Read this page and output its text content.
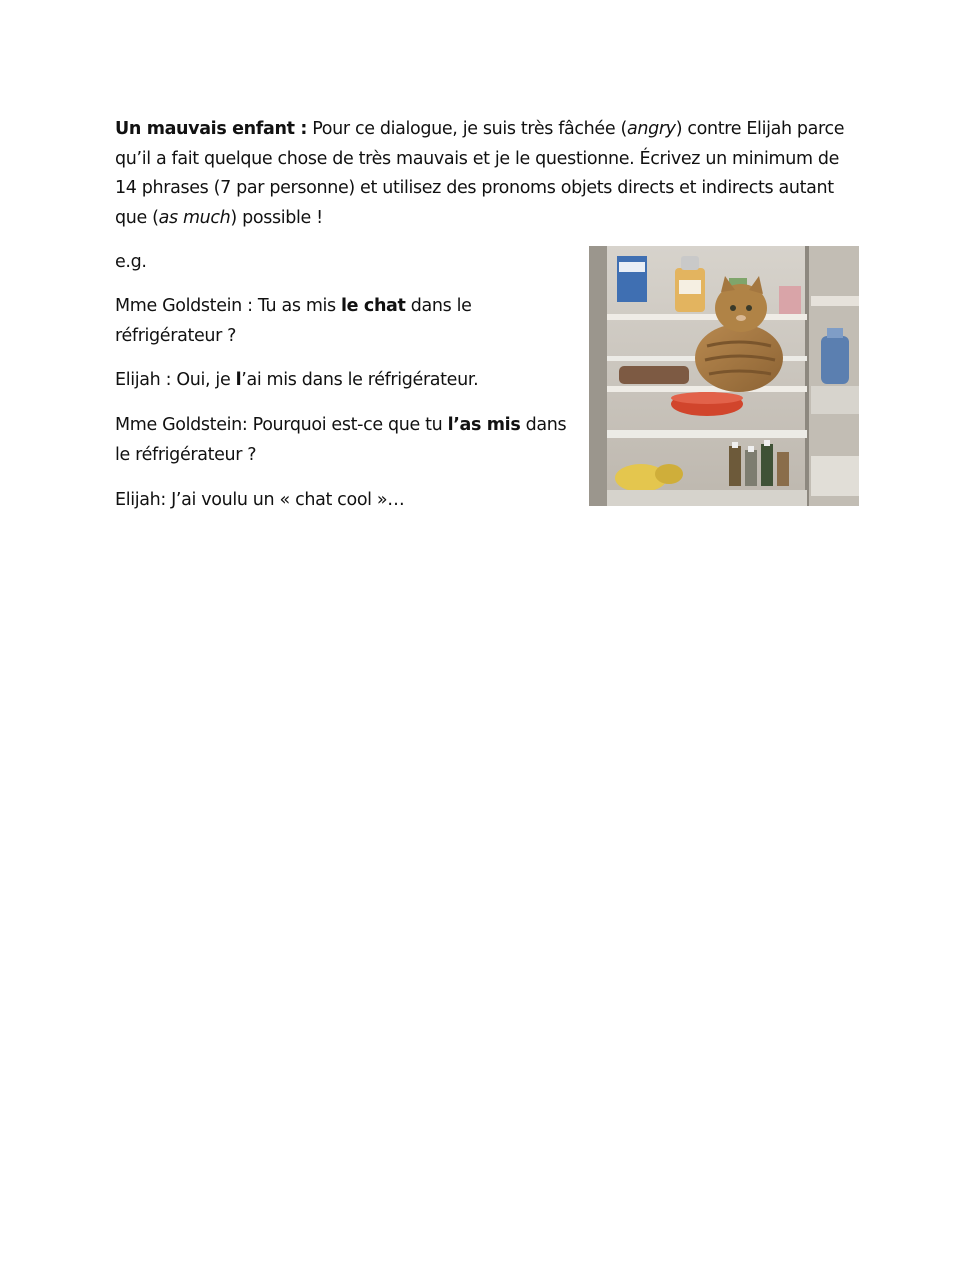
Un mauvais enfant : Pour ce dialogue, je suis très fâchée (angry) contre Elijah parce qu’il a fait quelque chose de très mauvais et je le questionne. Écrivez un minimum de 14 phrases (7 par personne) et utilisez des pronoms objets directs et indirects autant que (as much) possible !

e.g.

Mme Goldstein : Tu as mis le chat dans le réfrigérateur ?

Elijah : Oui, je l’ai mis dans le réfrigérateur.

Mme Goldstein: Pourquoi est-ce que tu l’as mis dans le réfrigérateur ?

Elijah: J’ai voulu un « chat cool »…
